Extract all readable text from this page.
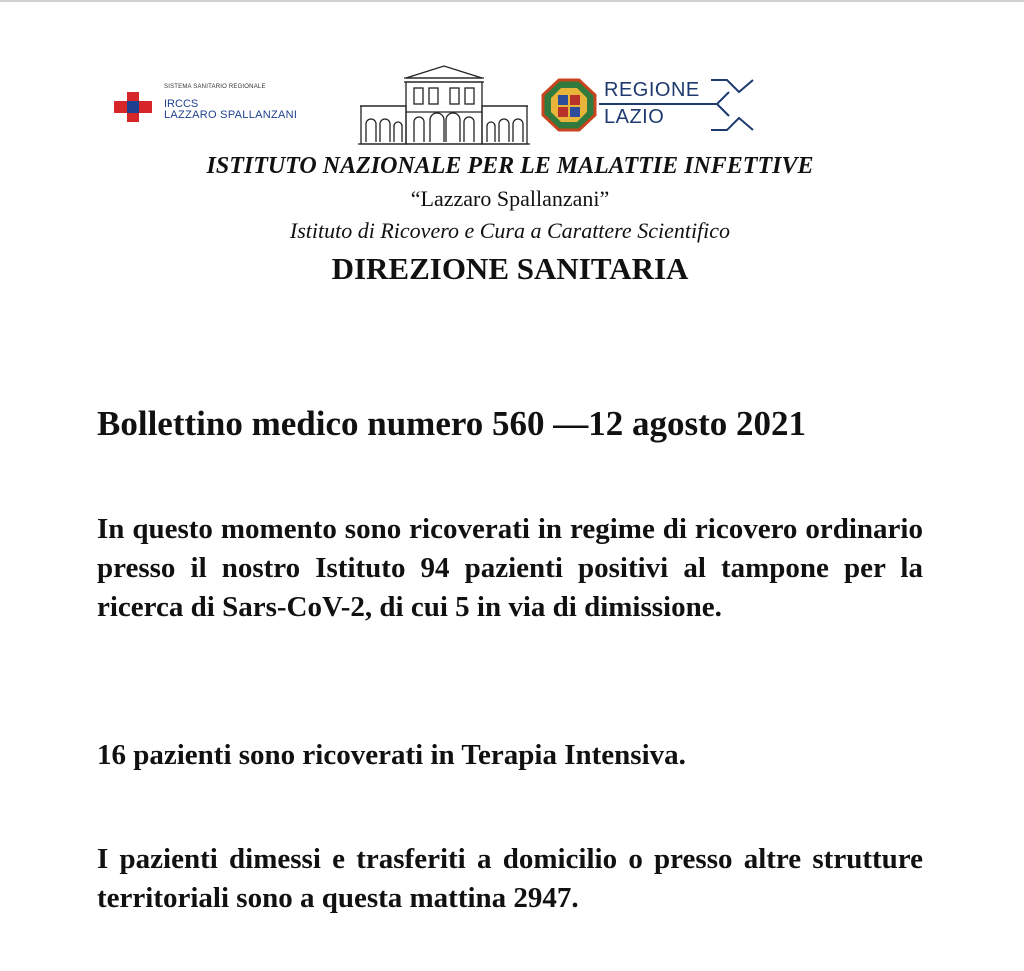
SISTEMA SANITARIO REGIONALE
IRCCS
LAZZARO SPALLANZANI
REGIONE
LAZIO
ISTITUTO NAZIONALE PER LE MALATTIE INFETTIVE
“Lazzaro Spallanzani”
Istituto di Ricovero e Cura a Carattere Scientifico
DIREZIONE SANITARIA
Bollettino medico numero 560 —12 agosto 2021
In questo momento sono ricoverati in regime di ricovero ordinario presso il nostro Istituto 94 pazienti positivi al tampone per la ricerca di Sars-CoV-2, di cui 5 in via di dimissione.
16 pazienti sono ricoverati in Terapia Intensiva.
I pazienti dimessi e trasferiti a domicilio o presso altre strutture territoriali sono a questa mattina 2947.
